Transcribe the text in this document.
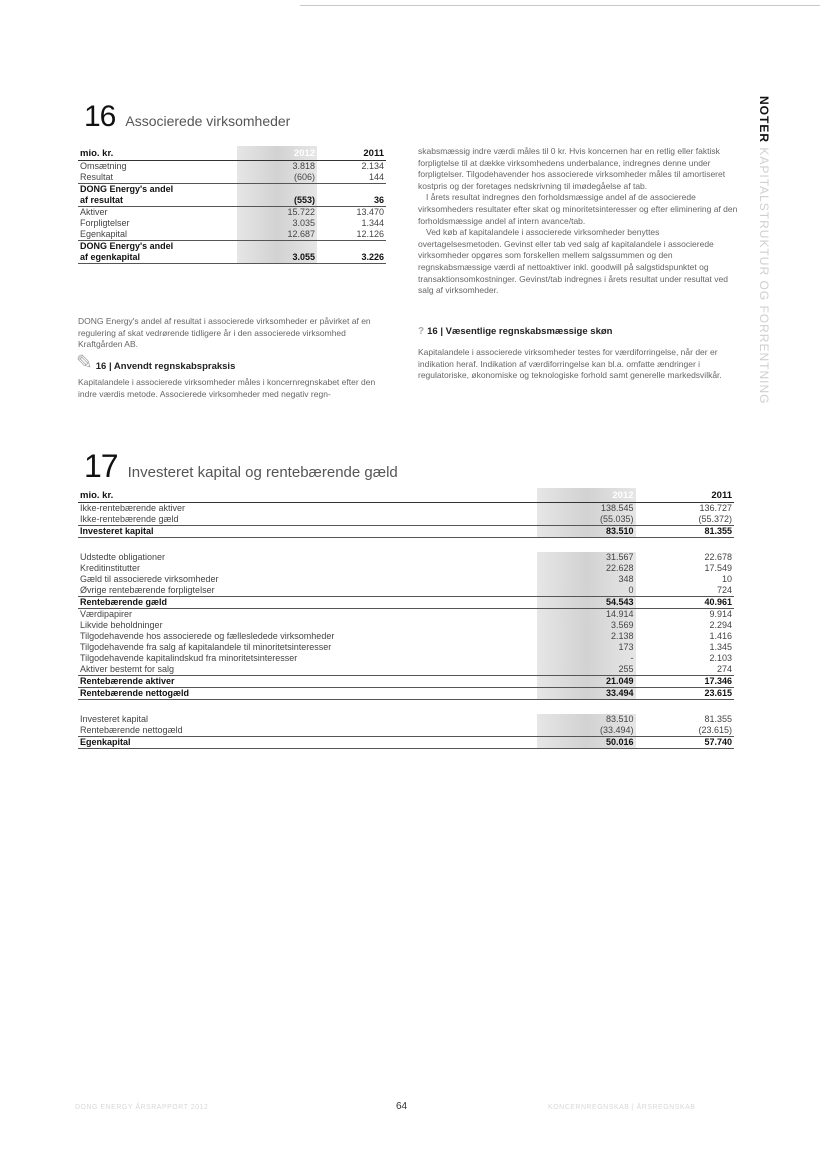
16 Associerede virksomheder
mio. kr.	2012	2011
Omsætning	3.818	2.134
Resultat	(606)	144
DONG Energy's andel		
af resultat	(553)	36
Aktiver	15.722	13.470
Forpligtelser	3.035	1.344
Egenkapital	12.687	12.126
DONG Energy's andel		
af egenkapital	3.055	3.226

DONG Energy's andel af resultat i associerede virksomheder er påvirket af en regulering af skat vedrørende tidligere år i den associerede virksomhed Kraftgården AB.

✎ 16 | Anvendt regnskabspraksis

Kapitalandele i associerede virksomheder måles i koncernregnskabet efter den indre værdis metode. Associerede virksomheder med negativ regn-

skabsmæssig indre værdi måles til 0 kr. Hvis koncernen har en retlig eller faktisk forpligtelse til at dække virksomhedens underbalance, indregnes denne under forpligtelser. Tilgodehavender hos associerede virksomheder måles til amortiseret kostpris og der foretages nedskrivning til imødegåelse af tab.

I årets resultat indregnes den forholdsmæssige andel af de associerede virksomheders resultater efter skat og minoritetsinteresser og efter eliminering af den forholdsmæssige andel af intern avance/tab.

Ved køb af kapitalandele i associerede virksomheder benyttes overtagelsesmetoden. Gevinst eller tab ved salg af kapitalandele i associerede virksomheder opgøres som forskellen mellem salgssummen og den regnskabsmæssige værdi af nettoaktiver inkl. goodwill på salgstidspunktet og transaktionsomkostninger. Gevinst/tab indregnes i årets resultat under resultat ved salg af virksomheder.

? 16 | Væsentlige regnskabsmæssige skøn

Kapitalandele i associerede virksomheder testes for værdiforringelse, når der er indikation heraf. Indikation af værdiforringelse kan bl.a. omfatte ændringer i regulatoriske, økonomiske og teknologiske forhold samt generelle markedsvilkår.

17 Investeret kapital og rentebærende gæld
mio. kr.	2012	2011
Ikke-rentebærende aktiver	138.545	136.727
Ikke-rentebærende gæld	(55.035)	(55.372)
Investeret kapital	83.510	81.355

Udstedte obligationer	31.567	22.678
Kreditinstitutter	22.628	17.549
Gæld til associerede virksomheder	348	10
Øvrige rentebærende forpligtelser	0	724
Rentebærende gæld	54.543	40.961
Værdipapirer	14.914	9.914
Likvide beholdninger	3.569	2.294
Tilgodehavende hos associerede og fællesledede virksomheder	2.138	1.416
Tilgodehavende fra salg af kapitalandele til minoritetsinteresser	173	1.345
Tilgodehavende kapitalindskud fra minoritetsinteresser	-	2.103
Aktiver bestemt for salg	255	274
Rentebærende aktiver	21.049	17.346
Rentebærende nettogæld	33.494	23.615

Investeret kapital	83.510	81.355
Rentebærende nettogæld	(33.494)	(23.615)
Egenkapital	50.016	57.740
NOTER KAPITALSTRUKTUR OG FORRENTNING
DONG ENERGY ÅRSRAPPORT 2012	64	KONCERNREGNSKAB | ÅRSREGNSKAB
